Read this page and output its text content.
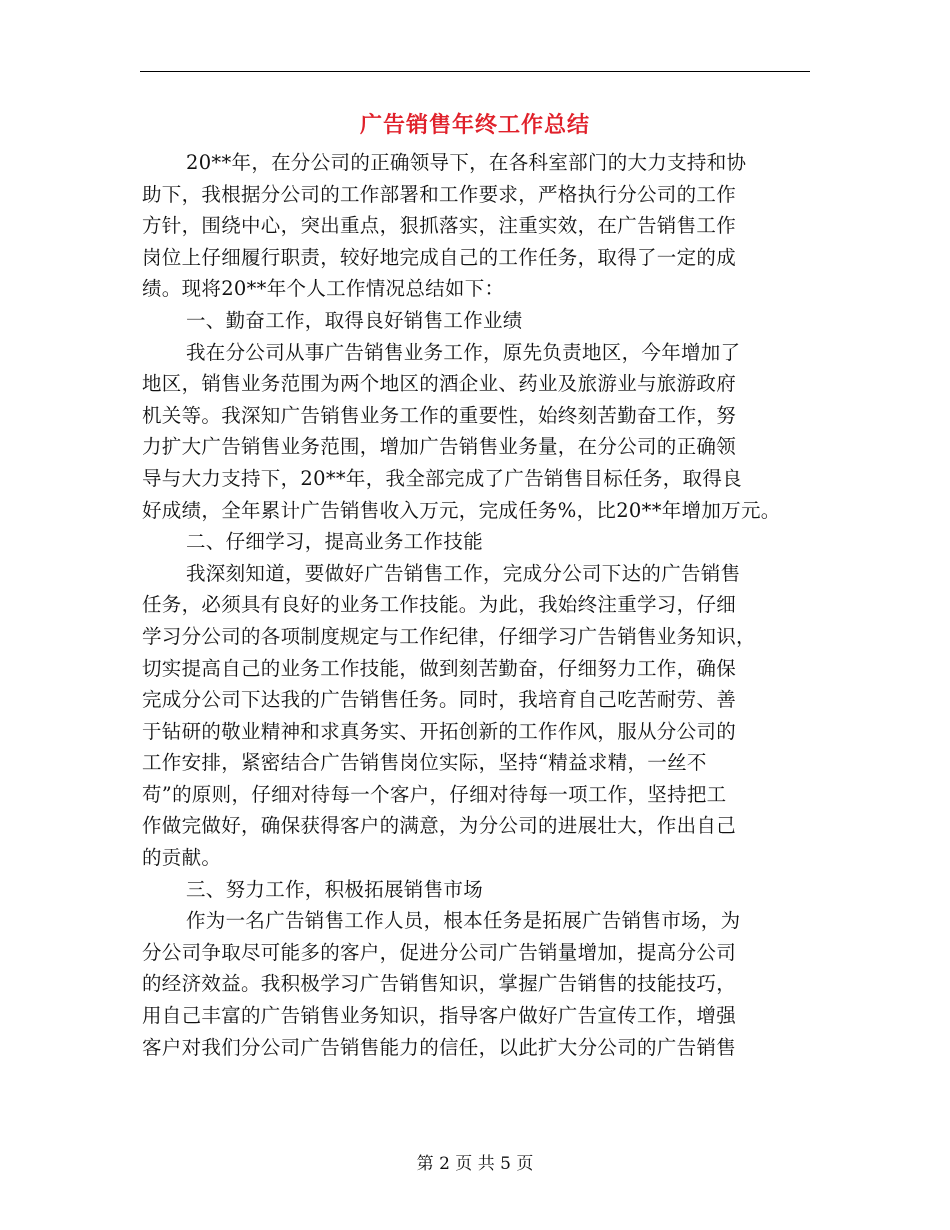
广告销售年终工作总结
20**年，在分公司的正确领导下，在各科室部门的大力支持和协
助下，我根据分公司的工作部署和工作要求，严格执行分公司的工作
方针，围绕中心，突出重点，狠抓落实，注重实效，在广告销售工作
岗位上仔细履行职责，较好地完成自己的工作任务，取得了一定的成
绩。现将20**年个人工作情况总结如下：
一、勤奋工作，取得良好销售工作业绩
我在分公司从事广告销售业务工作，原先负责地区，今年增加了
地区，销售业务范围为两个地区的酒企业、药业及旅游业与旅游政府
机关等。我深知广告销售业务工作的重要性，始终刻苦勤奋工作，努
力扩大广告销售业务范围，增加广告销售业务量，在分公司的正确领
导与大力支持下，20**年，我全部完成了广告销售目标任务，取得良
好成绩，全年累计广告销售收入万元，完成任务%，比20**年增加万元。
二、仔细学习，提高业务工作技能
我深刻知道，要做好广告销售工作，完成分公司下达的广告销售
任务，必须具有良好的业务工作技能。为此，我始终注重学习，仔细
学习分公司的各项制度规定与工作纪律，仔细学习广告销售业务知识，
切实提高自己的业务工作技能，做到刻苦勤奋，仔细努力工作，确保
完成分公司下达我的广告销售任务。同时，我培育自己吃苦耐劳、善
于钻研的敬业精神和求真务实、开拓创新的工作作风，服从分公司的
工作安排，紧密结合广告销售岗位实际，坚持“精益求精，一丝不
苟”的原则，仔细对待每一个客户，仔细对待每一项工作，坚持把工
作做完做好，确保获得客户的满意，为分公司的进展壮大，作出自己
的贡献。
三、努力工作，积极拓展销售市场
作为一名广告销售工作人员，根本任务是拓展广告销售市场，为
分公司争取尽可能多的客户，促进分公司广告销量增加，提高分公司
的经济效益。我积极学习广告销售知识，掌握广告销售的技能技巧，
用自己丰富的广告销售业务知识，指导客户做好广告宣传工作，增强
客户对我们分公司广告销售能力的信任，以此扩大分公司的广告销售
第 2 页 共 5 页
